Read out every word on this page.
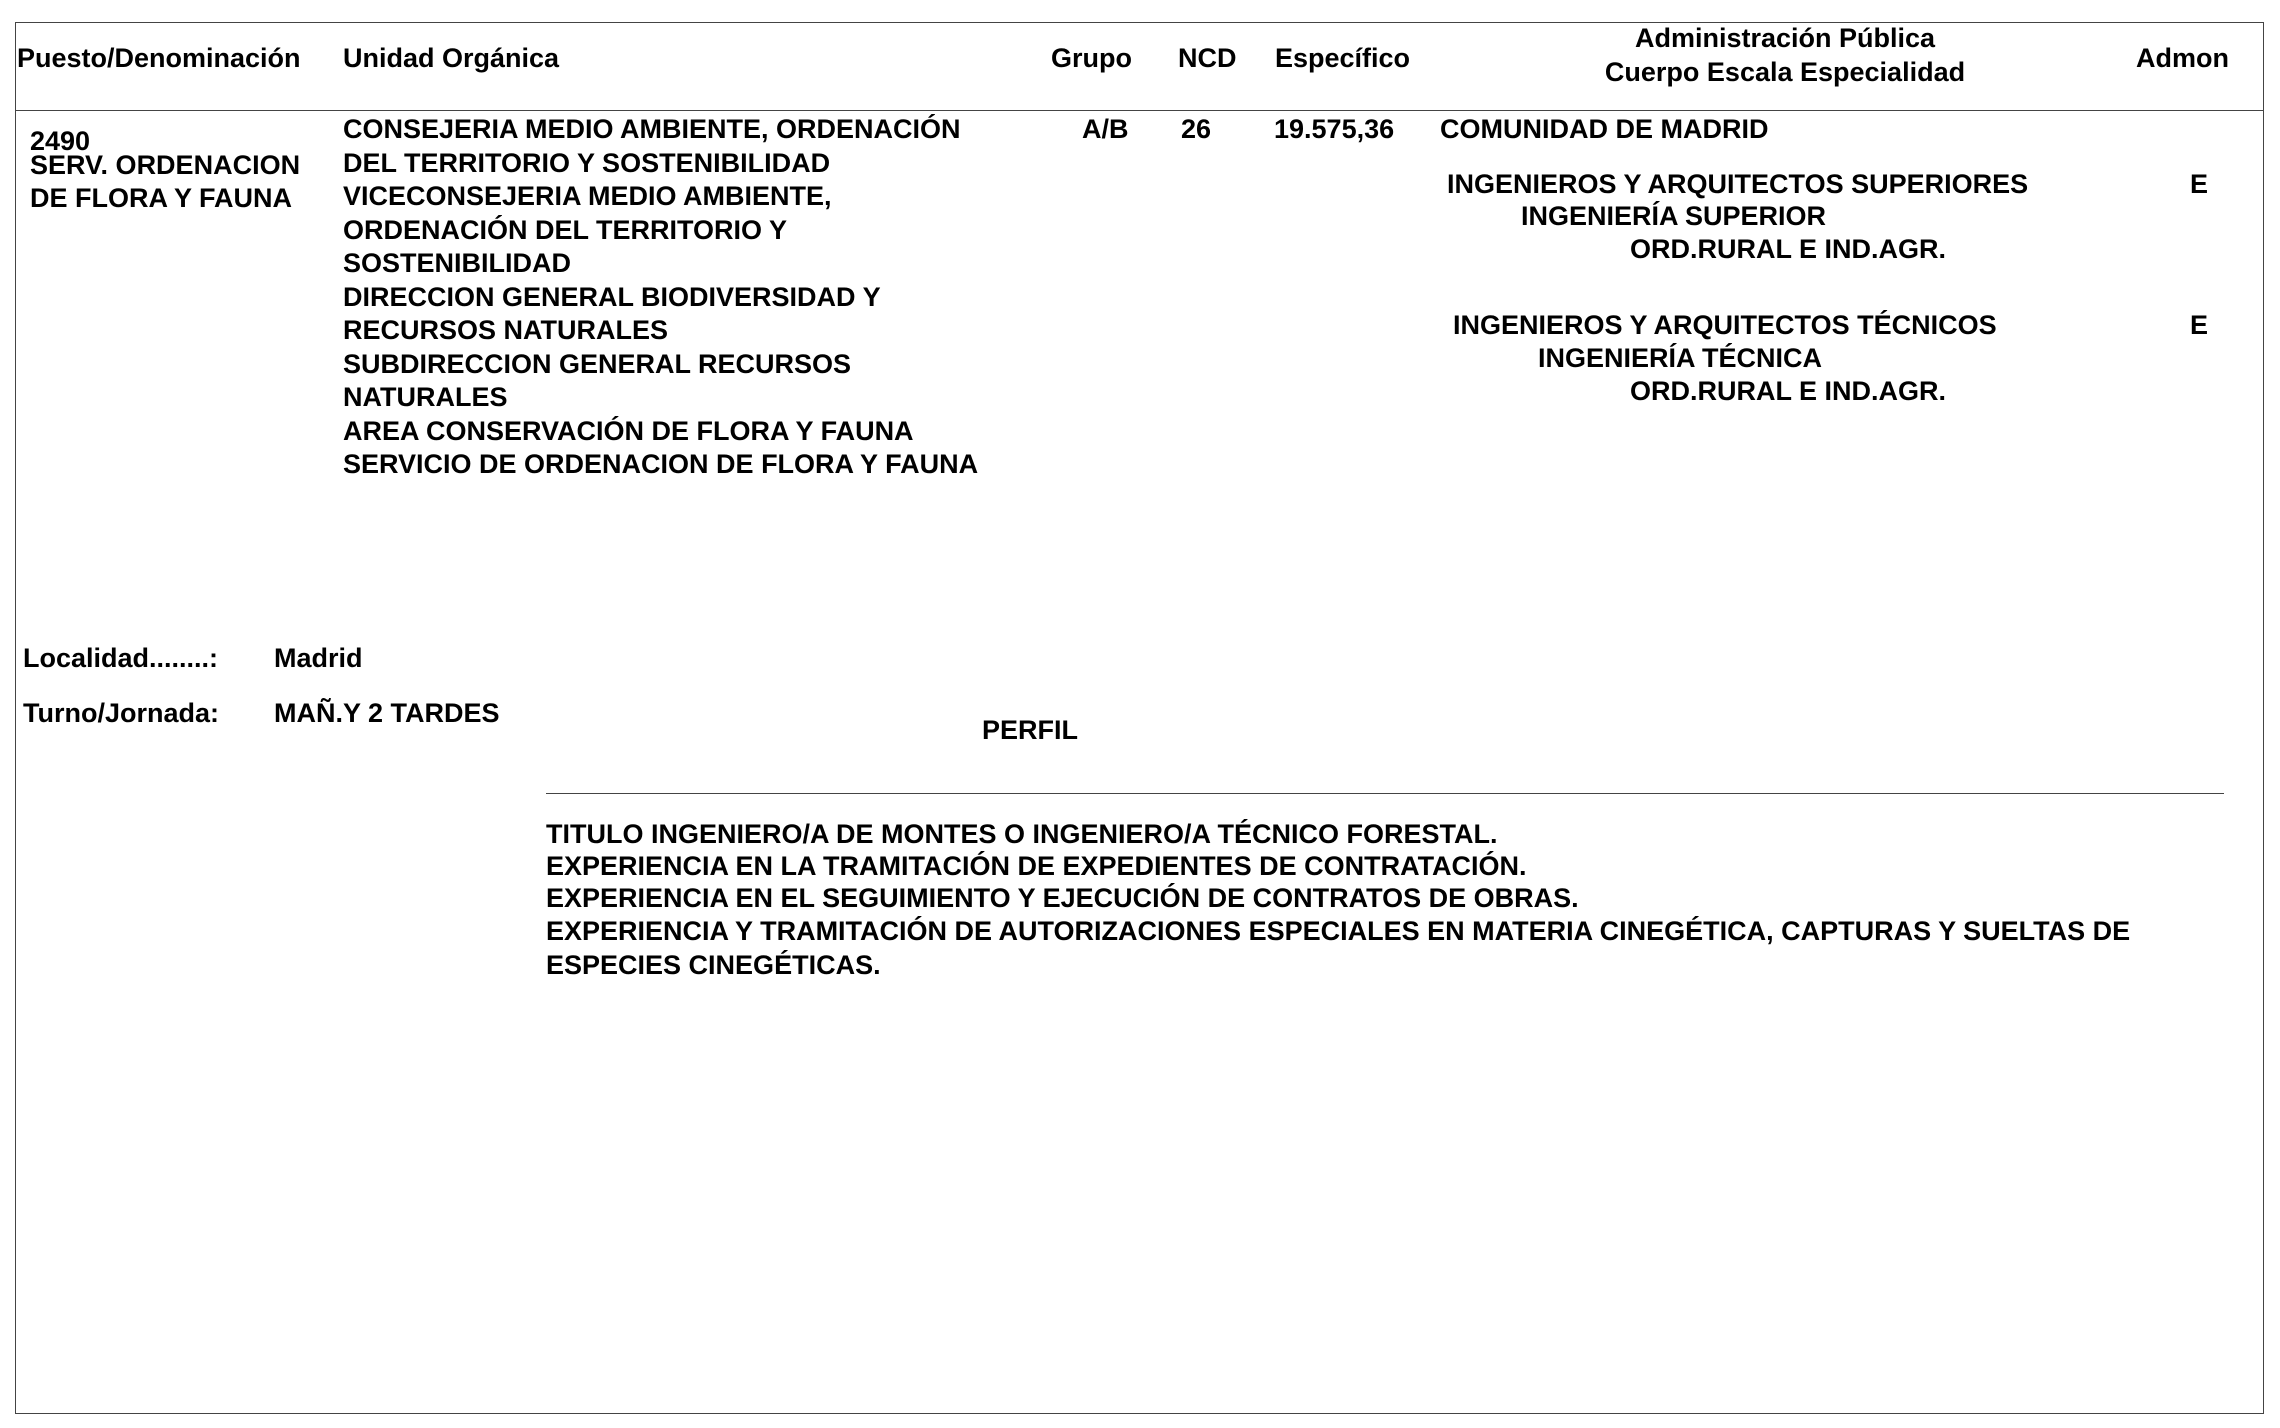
Puesto/Denominación Unidad Orgánica	Grupo NCD Específico
Administración Pública
Cuerpo Escala Especialidad	Admon
2490
SERV. ORDENACION
DE FLORA Y FAUNA
CONSEJERIA MEDIO AMBIENTE, ORDENACIÓN
DEL TERRITORIO Y SOSTENIBILIDAD
VICECONSEJERIA MEDIO AMBIENTE,
ORDENACIÓN DEL TERRITORIO Y
SOSTENIBILIDAD
DIRECCION GENERAL BIODIVERSIDAD Y
RECURSOS NATURALES
SUBDIRECCION GENERAL RECURSOS
NATURALES
AREA CONSERVACIÓN DE FLORA Y FAUNA
SERVICIO DE ORDENACION DE FLORA Y FAUNA
A/B 26 19.575,36 COMUNIDAD DE MADRID
INGENIEROS Y ARQUITECTOS SUPERIORES
INGENIERÍA SUPERIOR
ORD.RURAL E IND.AGR.
E
INGENIEROS Y ARQUITECTOS TÉCNICOS
INGENIERÍA TÉCNICA
ORD.RURAL E IND.AGR.
E
Localidad........: Madrid
Turno/Jornada: MAÑ.Y 2 TARDES
PERFIL
TITULO INGENIERO/A DE MONTES O INGENIERO/A TÉCNICO FORESTAL.
EXPERIENCIA EN LA TRAMITACIÓN DE EXPEDIENTES DE CONTRATACIÓN.
EXPERIENCIA EN EL SEGUIMIENTO Y EJECUCIÓN DE CONTRATOS DE OBRAS.
EXPERIENCIA Y TRAMITACIÓN DE AUTORIZACIONES ESPECIALES EN MATERIA CINEGÉTICA, CAPTURAS Y SUELTAS DE
ESPECIES CINEGÉTICAS.
